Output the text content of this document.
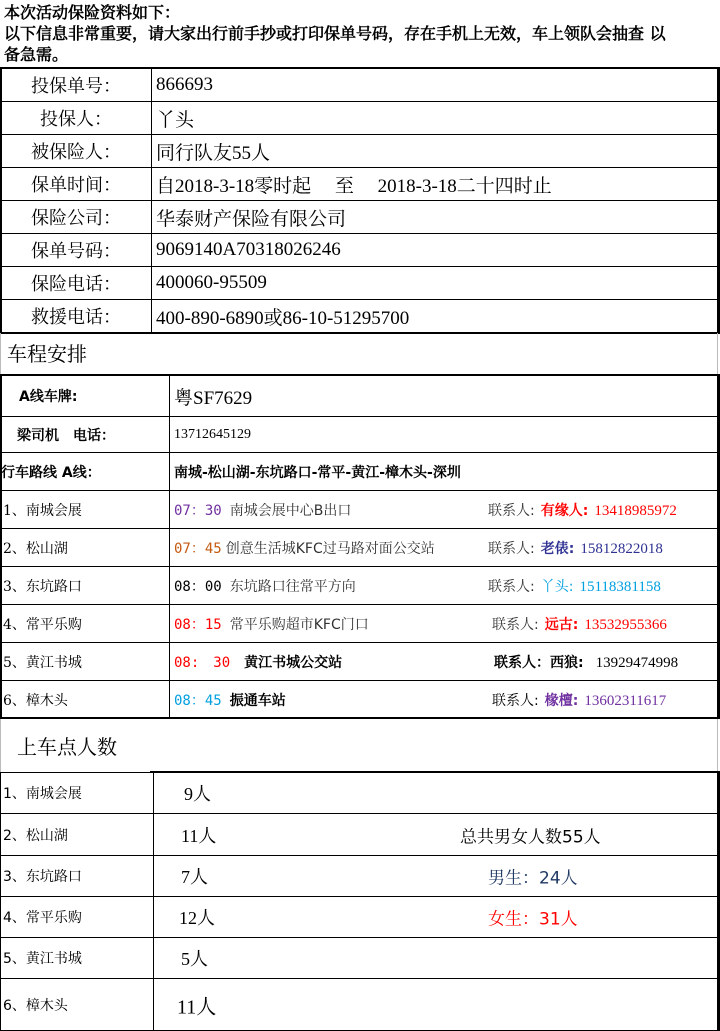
本次活动保险资料如下：
以下信息非常重要，请大家出行前手抄或打印保单号码，存在手机上无效，车上领队会抽查 以
备急需。
投保单号：	866693
投保人：	丫头
被保险人：	同行队友55人
保单时间：	自2018-3-18零时起　 至　 2018-3-18二十四时止
保险公司：	华泰财产保险有限公司
保单号码：	9069140A70318026246
保险电话：	400060-95509
救援电话：	400-890-6890或86-10-51295700
车程安排
A线车牌:	粤SF7629
梁司机　电话：	13712645129
行车路线 A线：	南城-松山湖-东坑路口-常平-黄江-樟木头-深圳
1、南城会展	07：30 南城会展中心B出口 联系人: 有缘人: 13418985972

2、松山湖	07：45 创意生活城KFC过马路对面公交站 联系人: 老俵: 15812822018

3、东坑路口	08：00 东坑路口往常平方向 联系人: 丫头: 15118381158

4、常平乐购	08：15 常平乐购超市KFC门口 联系人: 远古: 13532955366

5、黄江书城	08:　30 黄江书城公交站 联系人：西狼: 13929474998

6、樟木头	08：45 振通车站 联系人: 椽檀: 13602311617
上车点人数
1、南城会展	9人

2、松山湖	11人 总共男女人数55人

3、东坑路口	7人 男生：24人

4、常平乐购	12人 女生：31人

5、黄江书城	5人

6、樟木头	11人
